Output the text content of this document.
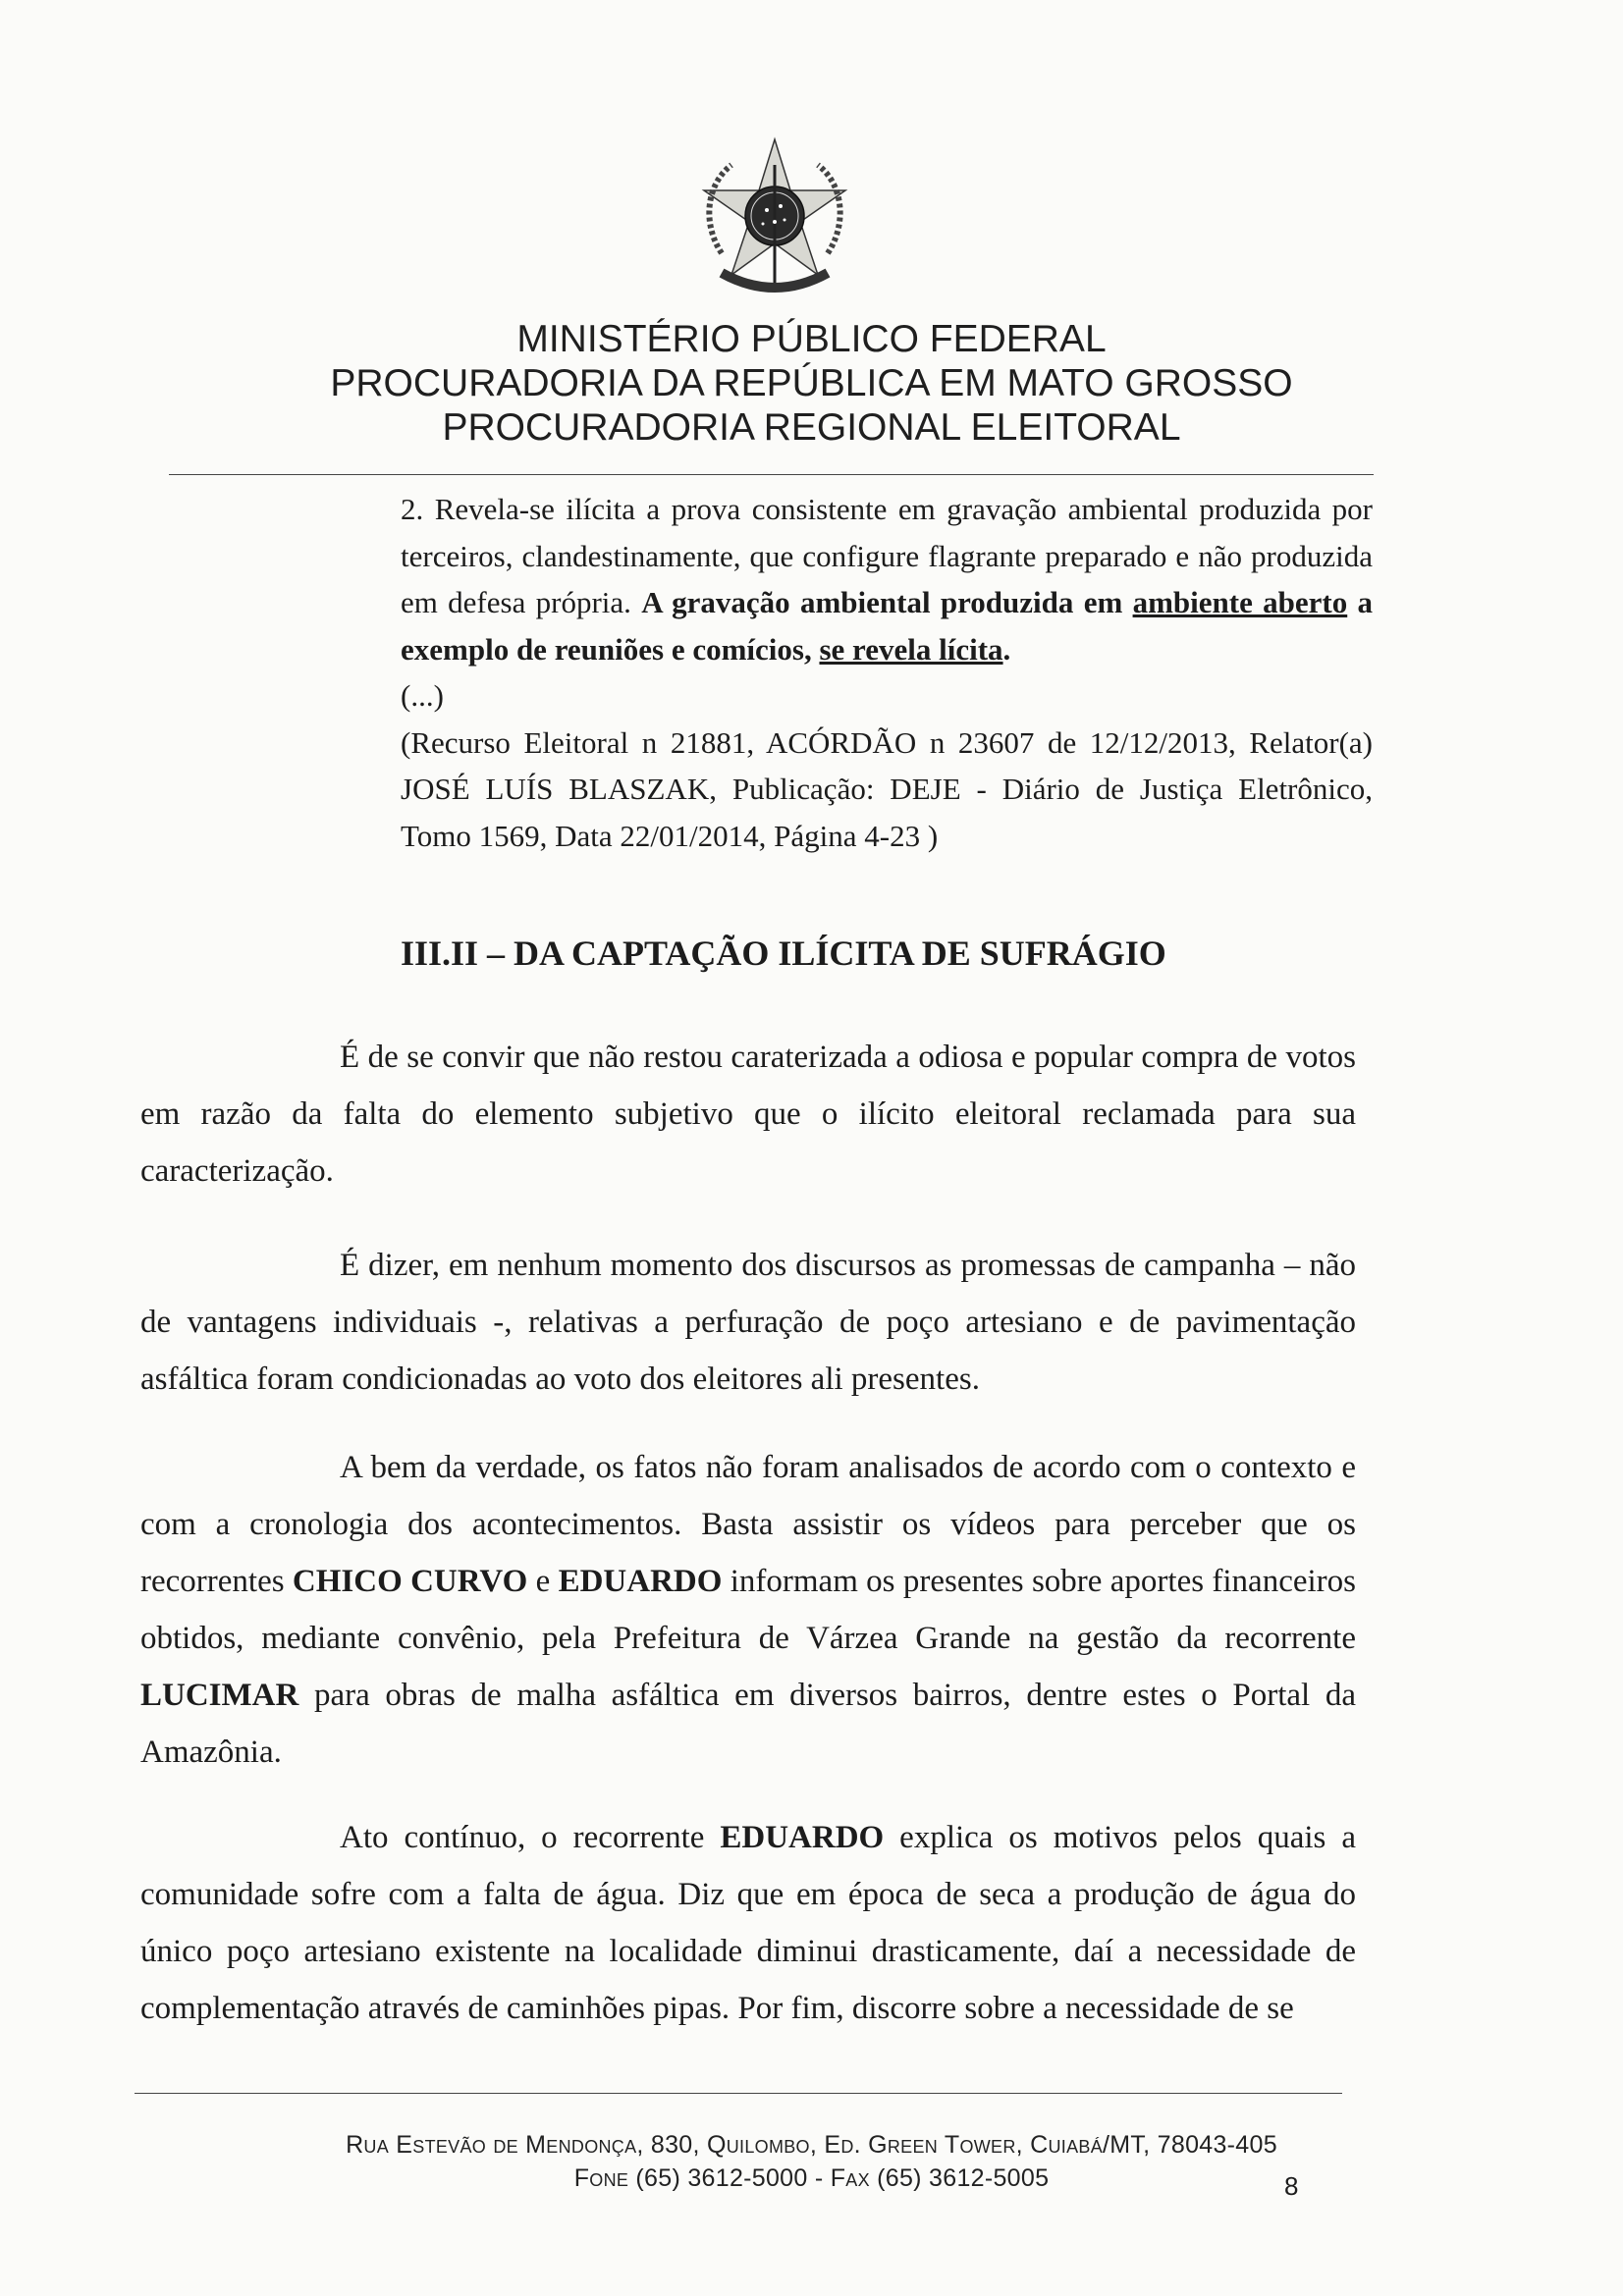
MINISTÉRIO PÚBLICO FEDERAL
PROCURADORIA DA REPÚBLICA EM MATO GROSSO
PROCURADORIA REGIONAL ELEITORAL

2. Revela-se ilícita a prova consistente em gravação ambiental produzida por terceiros, clandestinamente, que configure flagrante preparado e não produzida em defesa própria. A gravação ambiental produzida em ambiente aberto a exemplo de reuniões e comícios, se revela lícita.

(...)

(Recurso Eleitoral n 21881, ACÓRDÃO n 23607 de 12/12/2013, Relator(a) JOSÉ LUÍS BLASZAK, Publicação: DEJE - Diário de Justiça Eletrônico, Tomo 1569, Data 22/01/2014, Página 4-23 )

III.II – DA CAPTAÇÃO ILÍCITA DE SUFRÁGIO

É de se convir que não restou caraterizada a odiosa e popular compra de votos em razão da falta do elemento subjetivo que o ilícito eleitoral reclamada para sua caracterização.

É dizer, em nenhum momento dos discursos as promessas de campanha – não de vantagens individuais -, relativas a perfuração de poço artesiano e de pavimentação asfáltica foram condicionadas ao voto dos eleitores ali presentes.

A bem da verdade, os fatos não foram analisados de acordo com o contexto e com a cronologia dos acontecimentos. Basta assistir os vídeos para perceber que os recorrentes CHICO CURVO e EDUARDO informam os presentes sobre aportes financeiros obtidos, mediante convênio, pela Prefeitura de Várzea Grande na gestão da recorrente LUCIMAR para obras de malha asfáltica em diversos bairros, dentre estes o Portal da Amazônia.

Ato contínuo, o recorrente EDUARDO explica os motivos pelos quais a comunidade sofre com a falta de água. Diz que em época de seca a produção de água do único poço artesiano existente na localidade diminui drasticamente, daí a necessidade de complementação através de caminhões pipas. Por fim, discorre sobre a necessidade de se

Rua Estevão de Mendonça, 830, Quilombo, Ed. Green Tower, Cuiabá/MT, 78043-405
Fone (65) 3612-5000 - Fax (65) 3612-5005	8
